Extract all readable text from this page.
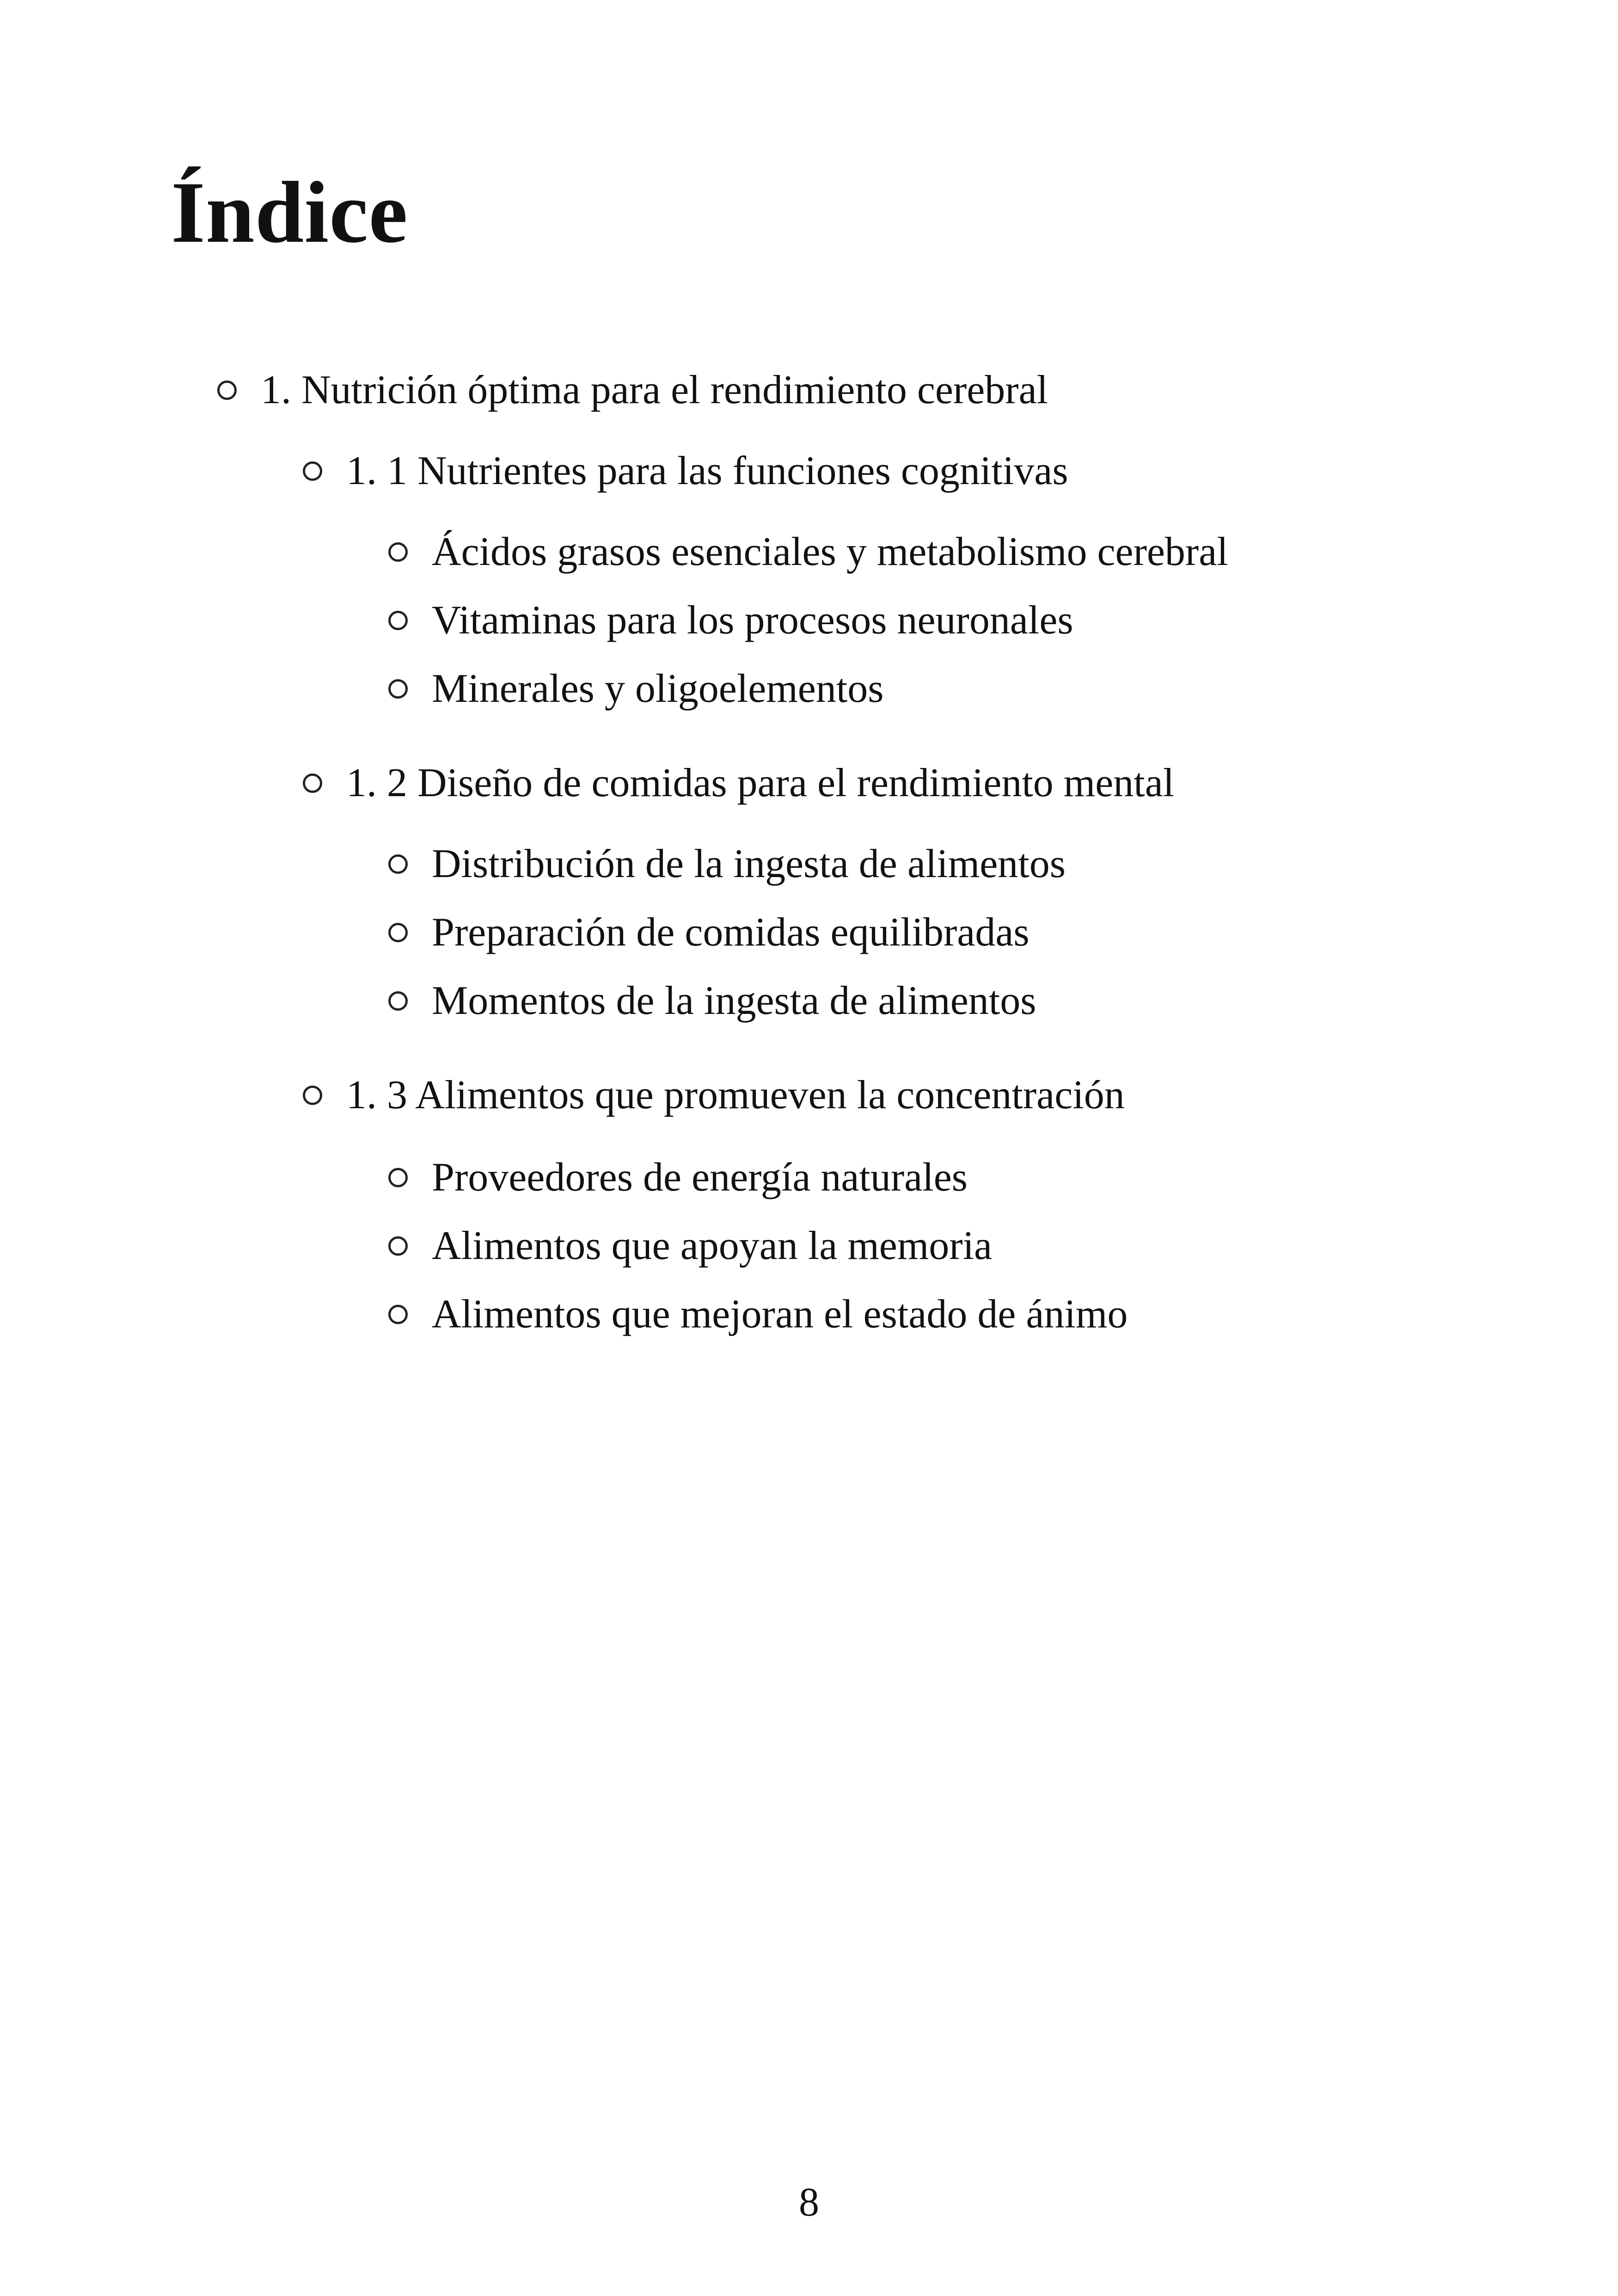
Índice
1. Nutrición óptima para el rendimiento cerebral
1. 1 Nutrientes para las funciones cognitivas
Ácidos grasos esenciales y metabolismo cerebral
Vitaminas para los procesos neuronales
Minerales y oligoelementos
1. 2 Diseño de comidas para el rendimiento mental
Distribución de la ingesta de alimentos
Preparación de comidas equilibradas
Momentos de la ingesta de alimentos
1. 3 Alimentos que promueven la concentración
Proveedores de energía naturales
Alimentos que apoyan la memoria
Alimentos que mejoran el estado de ánimo
8
